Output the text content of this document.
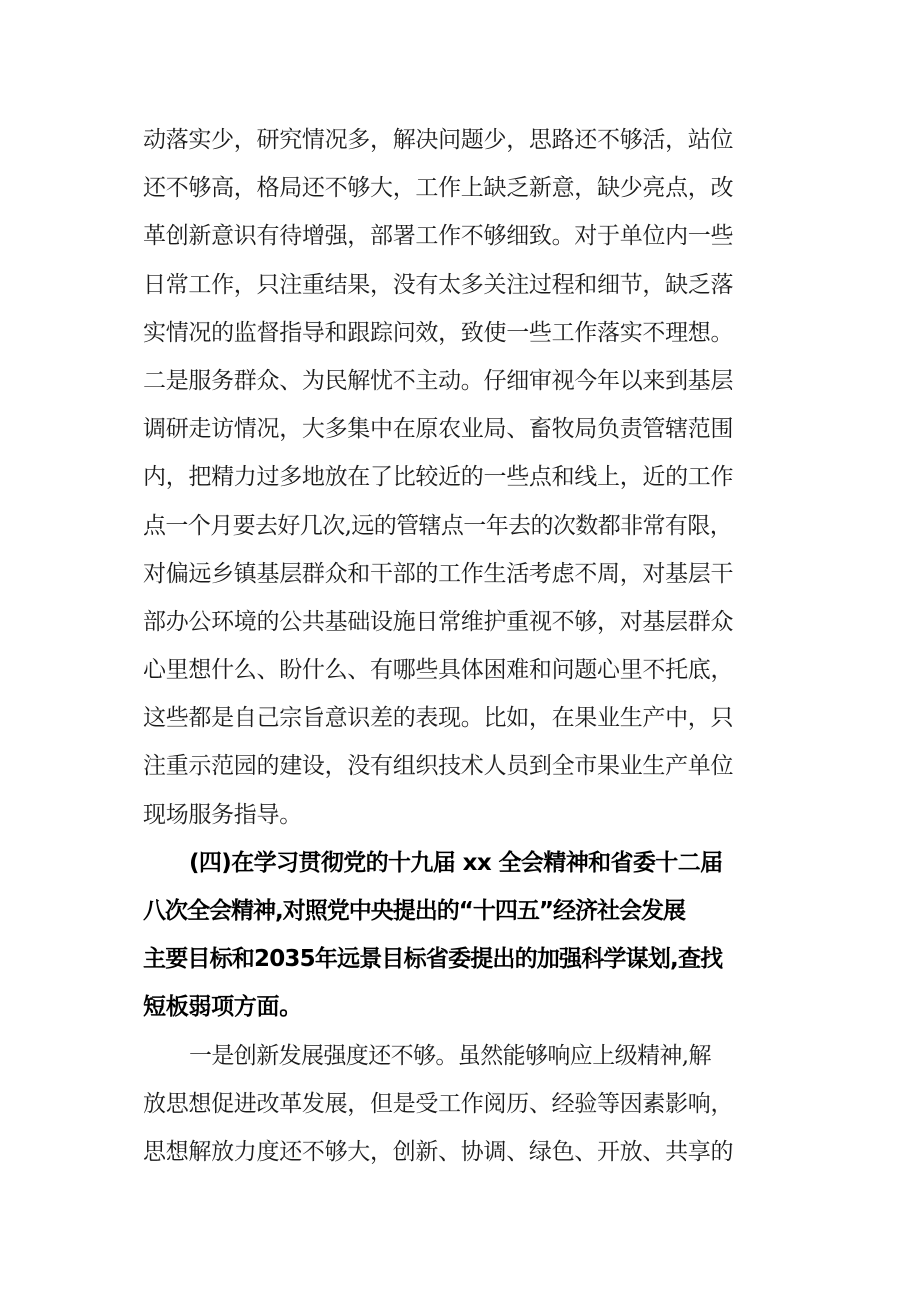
动落实少，研究情况多，解决问题少，思路还不够活，站位
还不够高，格局还不够大，工作上缺乏新意，缺少亮点，改
革创新意识有待增强，部署工作不够细致。对于单位内一些
日常工作，只注重结果，没有太多关注过程和细节，缺乏落
实情况的监督指导和跟踪问效，致使一些工作落实不理想。
二是服务群众、为民解忧不主动。仔细审视今年以来到基层
调研走访情况，大多集中在原农业局、畜牧局负责管辖范围
内，把精力过多地放在了比较近的一些点和线上，近的工作
点一个月要去好几次,远的管辖点一年去的次数都非常有限，
对偏远乡镇基层群众和干部的工作生活考虑不周，对基层干
部办公环境的公共基础设施日常维护重视不够，对基层群众
心里想什么、盼什么、有哪些具体困难和问题心里不托底，
这些都是自己宗旨意识差的表现。比如，在果业生产中，只
注重示范园的建设，没有组织技术人员到全市果业生产单位
现场服务指导。
(四)在学习贯彻党的十九届 xx 全会精神和省委十二届
八次全会精神,对照党中央提出的“十四五”经济社会发展
主要目标和2035年远景目标省委提出的加强科学谋划,查找
短板弱项方面。
一是创新发展强度还不够。虽然能够响应上级精神,解
放思想促进改革发展，但是受工作阅历、经验等因素影响，
思想解放力度还不够大，创新、协调、绿色、开放、共享的
